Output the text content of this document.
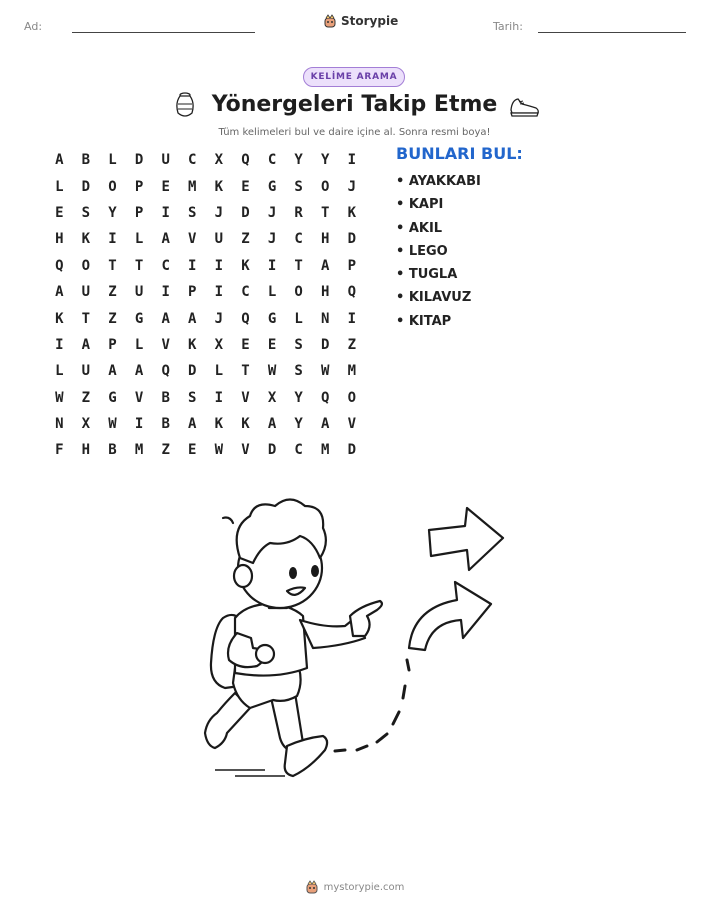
Ad:	Storypie	Tarih:
KELİME ARAMA
Yönergeleri Takip Etme
Tüm kelimeleri bul ve daire içine al. Sonra resmi boya!
A	B	L	D	U	C	X	Q	C	Y	Y	I
L	D	O	P	E	M	K	E	G	S	O	J
E	S	Y	P	I	S	J	D	J	R	T	K
H	K	I	L	A	V	U	Z	J	C	H	D
Q	O	T	T	C	I	I	K	I	T	A	P
A	U	Z	U	I	P	I	C	L	O	H	Q
K	T	Z	G	A	A	J	Q	G	L	N	I
I	A	P	L	V	K	X	E	E	S	D	Z
L	U	A	A	Q	D	L	T	W	S	W	M
W	Z	G	V	B	S	I	V	X	Y	Q	O
N	X	W	I	B	A	K	K	A	Y	A	V
F	H	B	M	Z	E	W	V	D	C	M	D
BUNLARI BUL:
• AYAKKABI
• KAPI
• AKIL
• LEGO
• TUGLA
• KILAVUZ
• KITAP
mystorypie.com
